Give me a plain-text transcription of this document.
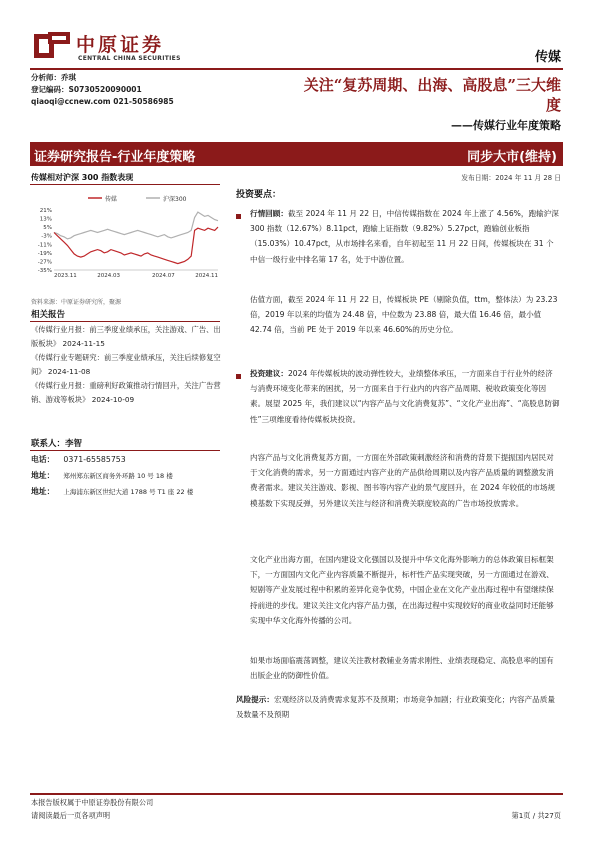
中原证券
CENTRAL CHINA SECURITIES	传媒
分析师：乔琪
登记编码：S0730520090001
qiaoqi@ccnew.com 021-50586985
关注“复苏周期、出海、高股息”三大维
度
——传媒行业年度策略
证券研究报告-行业年度策略	同步大市(维持)
传媒相对沪深 300 指数表现
传媒	沪深300
21%
13%
5%
-3%
-11%
-19%
-27%
-35%
2023.11	2024.03	2024.07	2024.11
资料来源：中原证券研究所，聚源
相关报告
《传媒行业月报：前三季度业绩承压，关注游戏、广告、出版板块》 2024-11-15
《传媒行业专题研究：前三季度业绩承压，关注后续修复空间》 2024-11-08
《传媒行业月报：重磅利好政策推动行情回升，关注广告营销、游戏等板块》 2024-10-09
联系人：李智
电话： 0371-65585753
地址： 郑州郑东新区商务外环路 10 号 18 楼
地址： 上海浦东新区世纪大道 1788 号 T1 座 22 楼
发布日期：2024 年 11 月 28 日
投资要点：
行情回顾：截至 2024 年 11 月 22 日，中信传媒指数在 2024 年上涨了 4.56%，跑输沪深 300 指数（12.67%）8.11pct，跑输上证指数（9.82%）5.27pct，跑输创业板指（15.03%）10.47pct，从市场排名来看，自年初起至 11 月 22 日间，传媒板块在 31 个中信一级行业中排名第 17 名，处于中游位置。
估值方面，截至 2024 年 11 月 22 日，传媒板块 PE（剔除负值，ttm，整体法）为 23.23 倍，2019 年以来的均值为 24.48 倍，中位数为 23.88 倍，最大值 16.46 倍，最小值 42.74 倍，当前 PE 处于 2019 年以来 46.60%的历史分位。
投资建议：2024 年传媒板块的波动弹性较大，业绩整体承压，一方面来自于行业外的经济与消费环境变化带来的困扰，另一方面来自于行业内的内容产品周期、税收政策变化等因素。展望 2025 年，我们建议以“内容产品与文化消费复苏”、“文化产业出海”、“高股息防御性”三项维度看待传媒板块投资。
内容产品与文化消费复苏方面，一方面在外部政策刺激经济和消费的背景下提振国内居民对于文化消费的需求，另一方面通过内容产业的产品供给周期以及内容产品质量的调整激发消费者需求。建议关注游戏、影视、图书等内容产业的景气度回升，在 2024 年较低的市场规模基数下实现反弹，另外建议关注与经济和消费关联度较高的广告市场投放需求。
文化产业出海方面，在国内建设文化强国以及提升中华文化海外影响力的总体政策目标框架下，一方面国内文化产业内容质量不断提升，标杆性产品实现突破，另一方面通过在游戏、短剧等产业发展过程中积累的差异化竞争优势，中国企业在文化产业出海过程中有望继续保持前进的步伐。建议关注文化内容产品力强，在出海过程中实现较好的商业收益同时还能够实现中华文化海外传播的公司。
如果市场面临震荡调整，建议关注教材教辅业务需求刚性、业绩表现稳定、高股息率的国有出版企业的防御性价值。
风险提示：宏观经济以及消费需求复苏不及预期；市场竞争加剧；行业政策变化；内容产品质量及数量不及预期
本报告版权属于中原证券股份有限公司
请阅读最后一页各项声明	第1页 / 共27页
